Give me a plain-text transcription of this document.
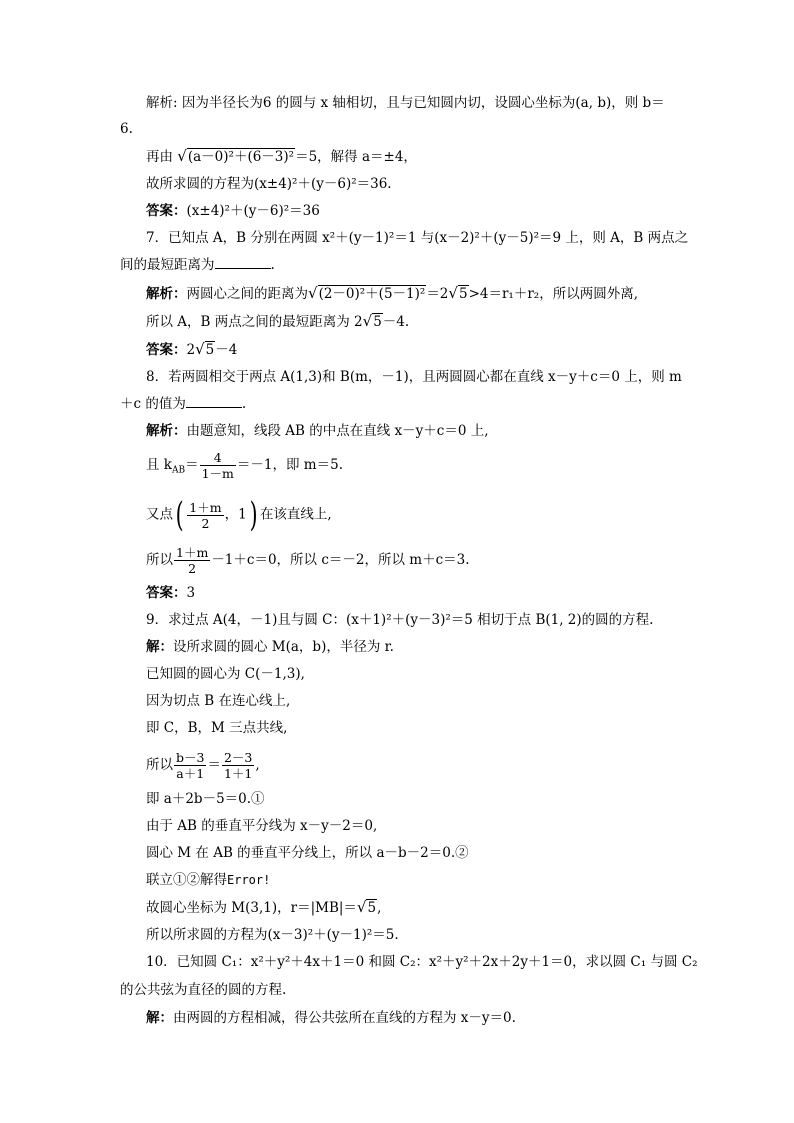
解析: 因为半径长为6 的圆与 x 轴相切，且与已知圆内切，设圆心坐标为(a, b)，则 b＝
6.
再由 √(a－0)²＋(6－3)²＝5，解得 a＝±4，
故所求圆的方程为(x±4)²＋(y－6)²＝36.
答案：(x±4)²＋(y－6)²＝36
7．已知点 A，B 分别在两圆 x²＋(y－1)²＝1 与(x－2)²＋(y－5)²＝9 上，则 A，B 两点之
间的最短距离为	.
解析：两圆心之间的距离为√(2－0)²＋(5－1)²＝2√5>4＝r₁＋r₂，所以两圆外离,
所以 A，B 两点之间的最短距离为 2√5－4.
答案：2√5－4
8．若两圆相交于两点 A(1,3)和 B(m，－1)，且两圆圆心都在直线 x－y＋c＝0 上，则 m
＋c 的值为	.
解析：由题意知，线段 AB 的中点在直线 x－y＋c＝0 上,
且 $k_{AB}= \frac{4}{1-m} =-1$，即 m＝5.
又点( $\frac{1+m}{2}$ ，1) 在该直线上,
所以 $\frac{1+m}{2} -1+c=0$，所以 c＝－2，所以 m＋c＝3.
答案：3
9．求过点 A(4，－1)且与圆 C：(x＋1)²＋(y－3)²＝5 相切于点 B(1, 2)的圆的方程.
解：设所求圆的圆心 M(a，b)，半径为 r.
已知圆的圆心为 C(－1,3),
因为切点 B 在连心线上,
即 C，B，M 三点共线,
所以 $\frac{b-3}{a+1} = \frac{2-3}{1+1}$ ,
即 a＋2b－5＝0.①
由于 AB 的垂直平分线为 x－y－2＝0,
圆心 M 在 AB 的垂直平分线上，所以 a－b－2＝0.②
联立①②解得Error!
故圆心坐标为 M(3,1)，r＝|MB|＝√5,
所以所求圆的方程为(x－3)²＋(y－1)²＝5.
10．已知圆 C₁：x²＋y²＋4x＋1＝0 和圆 C₂：x²＋y²＋2x＋2y＋1＝0，求以圆 C₁ 与圆 C₂
的公共弦为直径的圆的方程.
解：由两圆的方程相减，得公共弦所在直线的方程为 x－y＝0.
